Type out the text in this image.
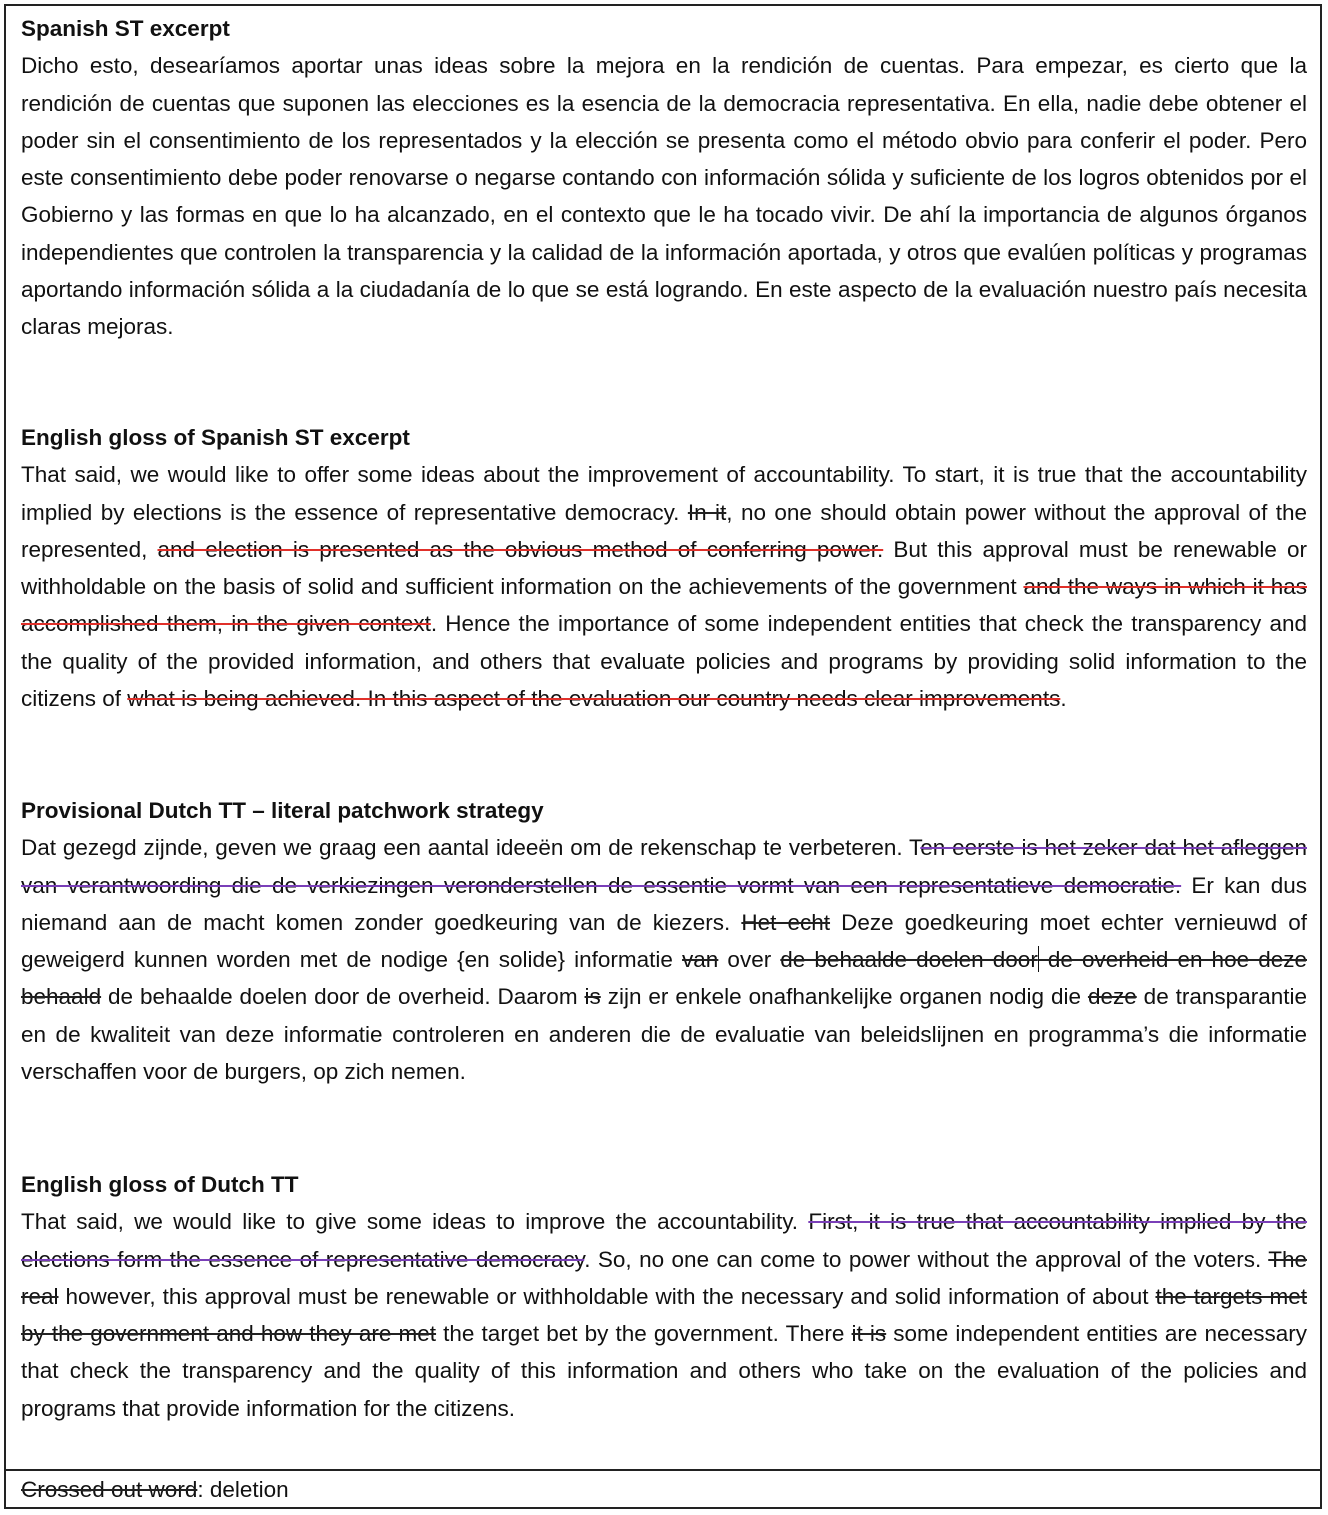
Spanish ST excerpt

Dicho esto, desearíamos aportar unas ideas sobre la mejora en la rendición de cuentas. Para empezar, es cierto que la rendición de cuentas que suponen las elecciones es la esencia de la democracia representativa. En ella, nadie debe obtener el poder sin el consentimiento de los representados y la elección se presenta como el método obvio para conferir el poder. Pero este consentimiento debe poder renovarse o negarse contando con información sólida y suficiente de los logros obtenidos por el Gobierno y las formas en que lo ha alcanzado, en el contexto que le ha tocado vivir. De ahí la importancia de algunos órganos independientes que controlen la transparencia y la calidad de la información aportada, y otros que evalúen políticas y programas aportando información sólida a la ciudadanía de lo que se está logrando. En este aspecto de la evaluación nuestro país necesita claras mejoras.

English gloss of Spanish ST excerpt

That said, we would like to offer some ideas about the improvement of accountability. To start, it is true that the accountability implied by elections is the essence of representative democracy. In it, no one should obtain power without the approval of the represented, and election is presented as the obvious method of conferring power. But this approval must be renewable or withholdable on the basis of solid and sufficient information on the achievements of the government and the ways in which it has accomplished them, in the given context. Hence the importance of some independent entities that check the transparency and the quality of the provided information, and others that evaluate policies and programs by providing solid information to the citizens of what is being achieved. In this aspect of the evaluation our country needs clear improvements.

Provisional Dutch TT – literal patchwork strategy

Dat gezegd zijnde, geven we graag een aantal ideeën om de rekenschap te verbeteren. Ten eerste is het zeker dat het afleggen van verantwoording die de verkiezingen veronderstellen de essentie vormt van een representatieve democratie. Er kan dus niemand aan de macht komen zonder goedkeuring van de kiezers. Het echt Deze goedkeuring moet echter vernieuwd of geweigerd kunnen worden met de nodige {en solide} informatie van over de behaalde doelen door de overheid en hoe deze behaald de behaalde doelen door de overheid. Daarom is zijn er enkele onafhankelijke organen nodig die deze de transparantie en de kwaliteit van deze informatie controleren en anderen die de evaluatie van beleidslijnen en programma’s die informatie verschaffen voor de burgers, op zich nemen.

English gloss of Dutch TT

That said, we would like to give some ideas to improve the accountability. First, it is true that accountability implied by the elections form the essence of representative democracy. So, no one can come to power without the approval of the voters. The real however, this approval must be renewable or withholdable with the necessary and solid information of about the targets met by the government and how they are met the target bet by the government. There it is some independent entities are necessary that check the transparency and the quality of this information and others who take on the evaluation of the policies and programs that provide information for the citizens.

Crossed out word: deletion
